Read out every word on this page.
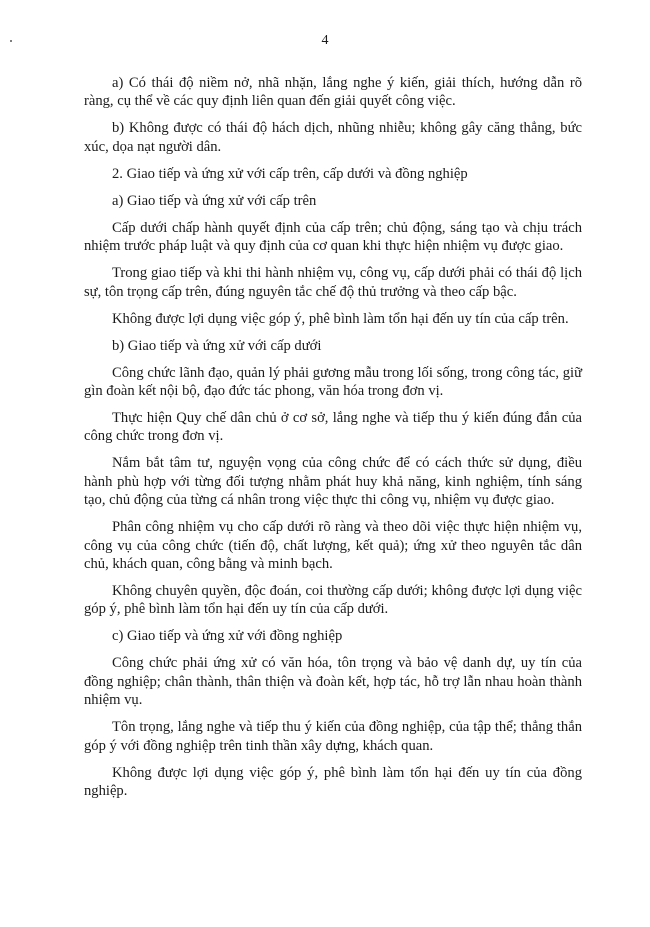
4

a) Có thái độ niềm nở, nhã nhặn, lắng nghe ý kiến, giải thích, hướng dẫn rõ ràng, cụ thể về các quy định liên quan đến giải quyết công việc.

b) Không được có thái độ hách dịch, nhũng nhiễu; không gây căng thẳng, bức xúc, dọa nạt người dân.

2. Giao tiếp và ứng xử với cấp trên, cấp dưới và đồng nghiệp

a) Giao tiếp và ứng xử với cấp trên

Cấp dưới chấp hành quyết định của cấp trên; chủ động, sáng tạo và chịu trách nhiệm trước pháp luật và quy định của cơ quan khi thực hiện nhiệm vụ được giao.

Trong giao tiếp và khi thi hành nhiệm vụ, công vụ, cấp dưới phải có thái độ lịch sự, tôn trọng cấp trên, đúng nguyên tắc chế độ thủ trưởng và theo cấp bậc.

Không được lợi dụng việc góp ý, phê bình làm tổn hại đến uy tín của cấp trên.

b) Giao tiếp và ứng xử với cấp dưới

Công chức lãnh đạo, quản lý phải gương mẫu trong lối sống, trong công tác, giữ gìn đoàn kết nội bộ, đạo đức tác phong, văn hóa trong đơn vị.

Thực hiện Quy chế dân chủ ở cơ sở, lắng nghe và tiếp thu ý kiến đúng đắn của công chức trong đơn vị.

Nắm bắt tâm tư, nguyện vọng của công chức để có cách thức sử dụng, điều hành phù hợp với từng đối tượng nhằm phát huy khả năng, kinh nghiệm, tính sáng tạo, chủ động của từng cá nhân trong việc thực thi công vụ, nhiệm vụ được giao.

Phân công nhiệm vụ cho cấp dưới rõ ràng và theo dõi việc thực hiện nhiệm vụ, công vụ của công chức (tiến độ, chất lượng, kết quả); ứng xử theo nguyên tắc dân chủ, khách quan, công bằng và minh bạch.

Không chuyên quyền, độc đoán, coi thường cấp dưới; không được lợi dụng việc góp ý, phê bình làm tổn hại đến uy tín của cấp dưới.

c) Giao tiếp và ứng xử với đồng nghiệp

Công chức phải ứng xử có văn hóa, tôn trọng và bảo vệ danh dự, uy tín của đồng nghiệp; chân thành, thân thiện và đoàn kết, hợp tác, hỗ trợ lẫn nhau hoàn thành nhiệm vụ.

Tôn trọng, lắng nghe và tiếp thu ý kiến của đồng nghiệp, của tập thể; thẳng thắn góp ý với đồng nghiệp trên tinh thần xây dựng, khách quan.

Không được lợi dụng việc góp ý, phê bình làm tổn hại đến uy tín của đồng nghiệp.
